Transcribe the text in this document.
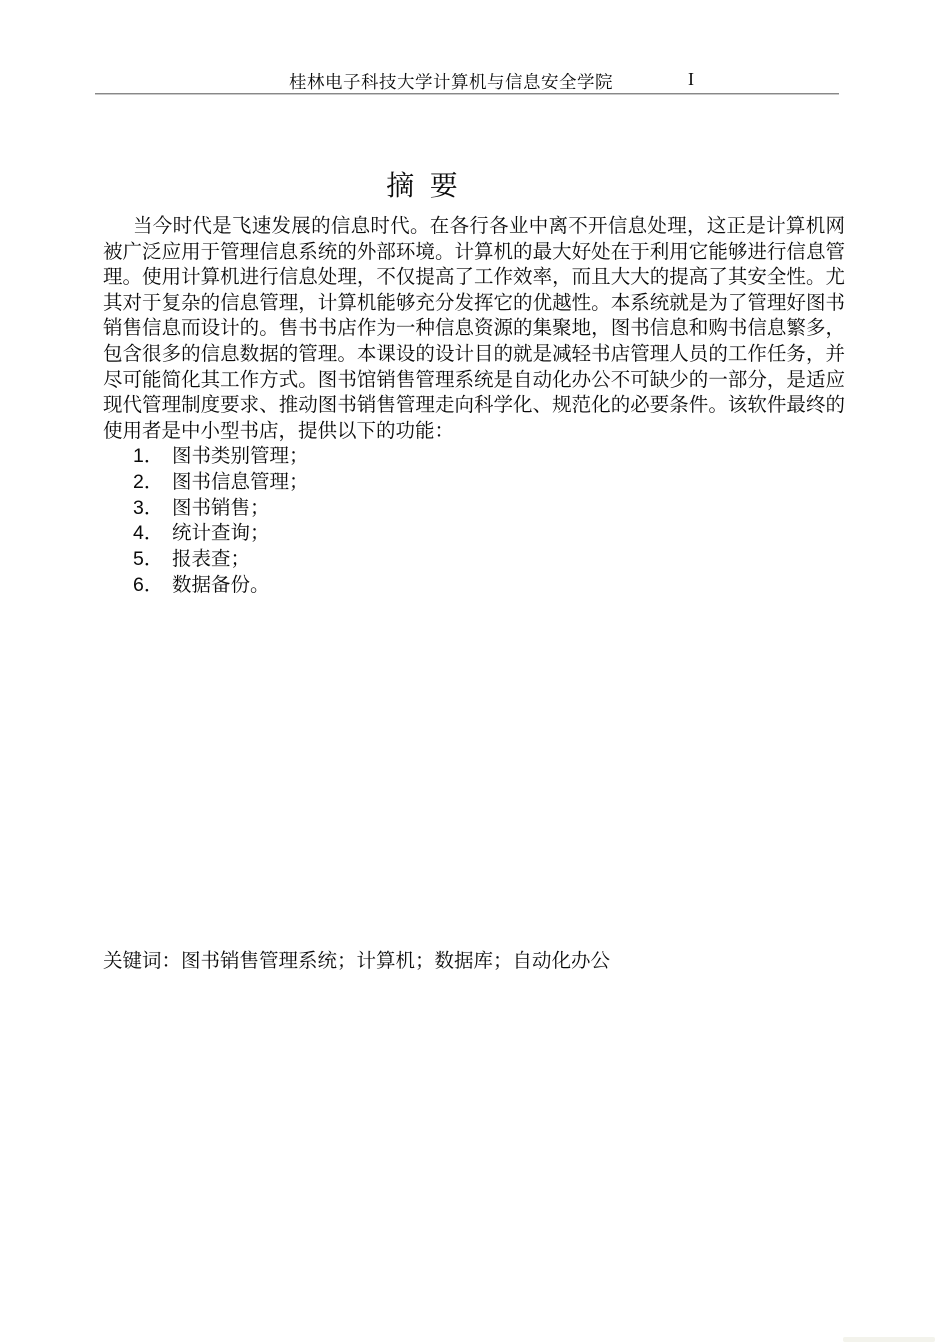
桂林电子科技大学计算机与信息安全学院	I
摘  要

当今时代是飞速发展的信息时代。在各行各业中离不开信息处理，这正是计算机网被广泛应用于管理信息系统的外部环境。计算机的最大好处在于利用它能够进行信息管理。使用计算机进行信息处理，不仅提高了工作效率，而且大大的提高了其安全性。尤其对于复杂的信息管理，计算机能够充分发挥它的优越性。本系统就是为了管理好图书销售信息而设计的。售书书店作为一种信息资源的集聚地，图书信息和购书信息繁多，包含很多的信息数据的管理。本课设的设计目的就是减轻书店管理人员的工作任务，并尽可能简化其工作方式。图书馆销售管理系统是自动化办公不可缺少的一部分，是适应现代管理制度要求、推动图书销售管理走向科学化、规范化的必要条件。该软件最终的使用者是中小型书店，提供以下的功能：

1． 图书类别管理；
2． 图书信息管理；
3． 图书销售；
4． 统计查询；
5． 报表查；
6． 数据备份。

关键词：图书销售管理系统；计算机；数据库；自动化办公
